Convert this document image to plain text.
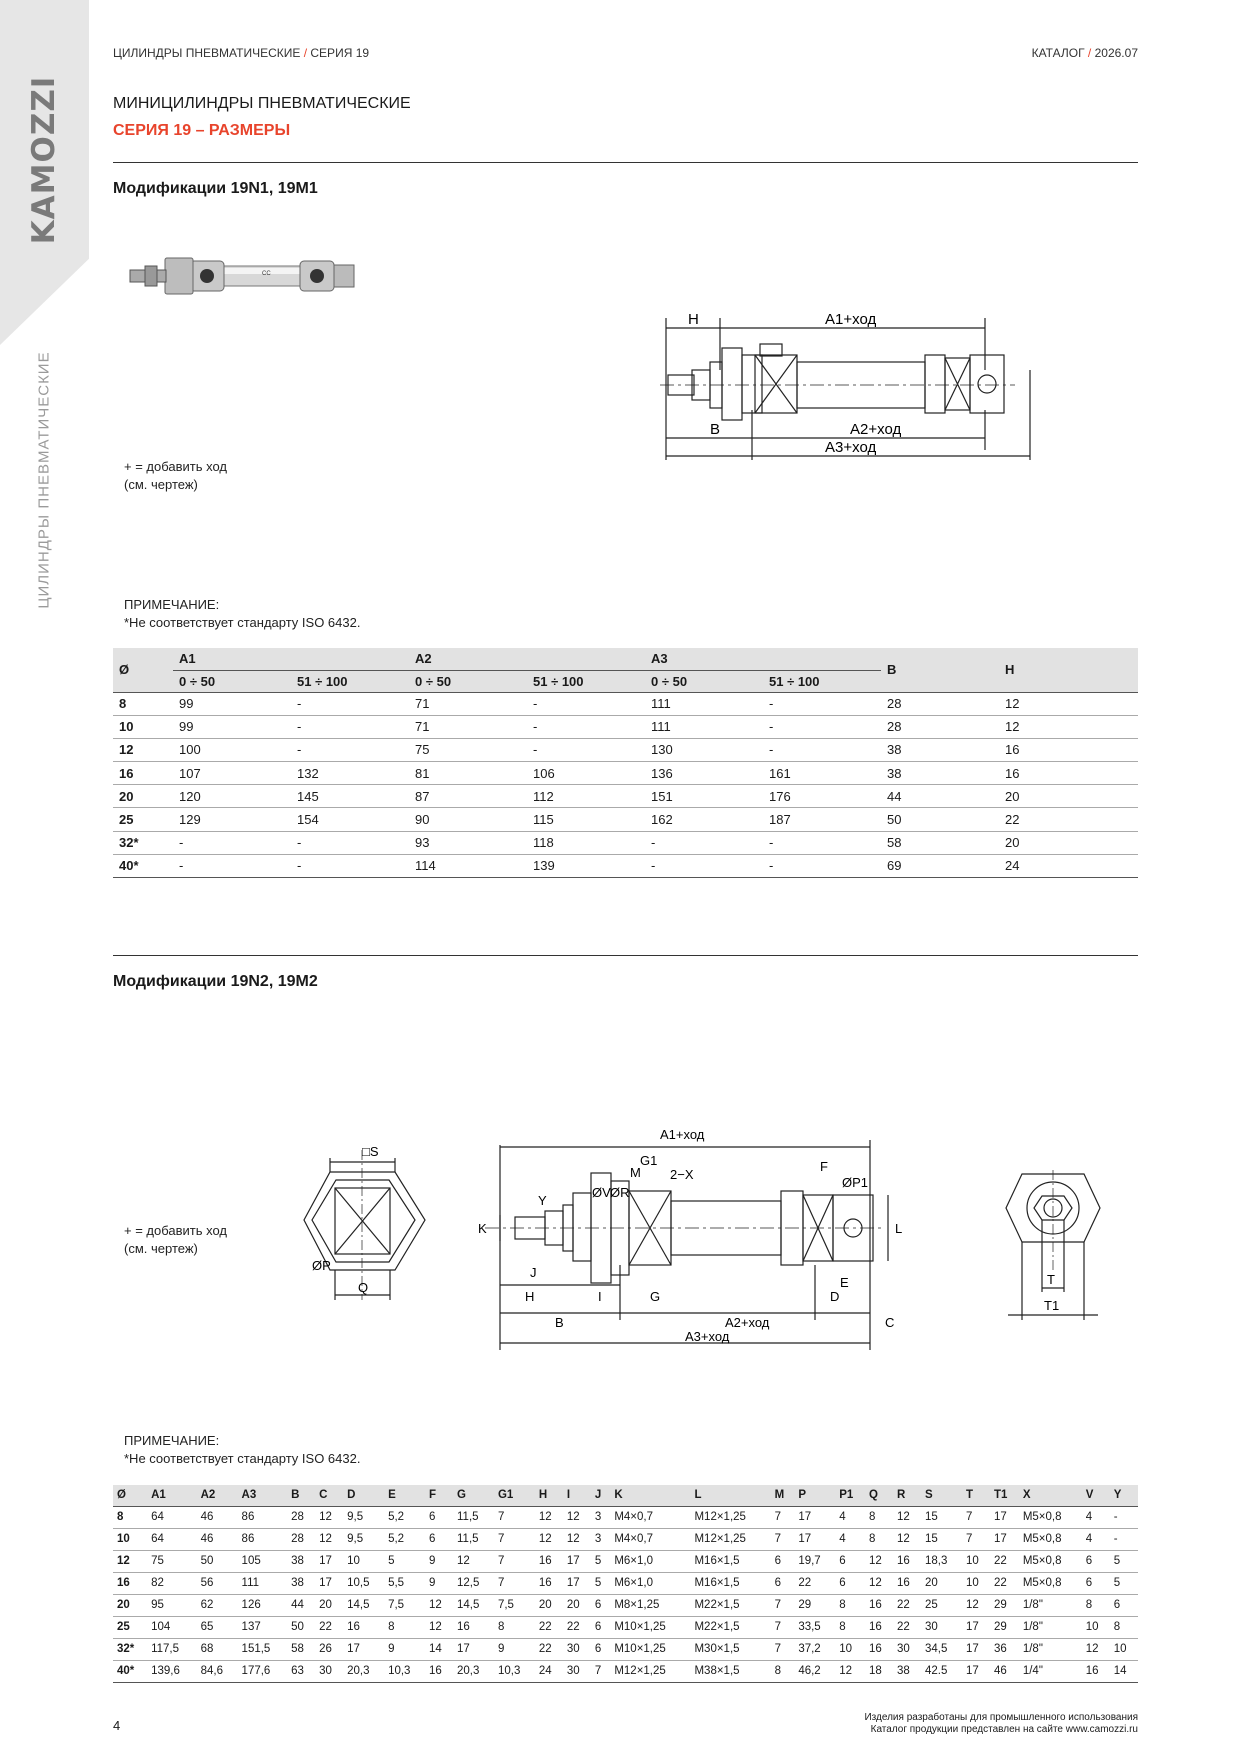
KAMOZZI
ЦИЛИНДРЫ ПНЕВМАТИЧЕСКИЕ
ЦИЛИНДРЫ ПНЕВМАТИЧЕСКИЕ / СЕРИЯ 19	КАТАЛОГ / 2026.07
МИНИЦИЛИНДРЫ ПНЕВМАТИЧЕСКИЕ
СЕРИЯ 19 – РАЗМЕРЫ
Модификации 19N1, 19M1
CC
H	A1+ход
B	A2+ход
A3+ход
+ = добавить ход
(см. чертеж)
ПРИМЕЧАНИЕ:
*Не соответствует стандарту ISO 6432.
Ø	A1		A2		A3		B	H
	0 ÷ 50	51 ÷ 100	0 ÷ 50	51 ÷ 100	0 ÷ 50	51 ÷ 100		
8	99	-	71	-	111	-	28	12
10	99	-	71	-	111	-	28	12
12	100	-	75	-	130	-	38	16
16	107	132	81	106	136	161	38	16
20	120	145	87	112	151	176	44	20
25	129	154	90	115	162	187	50	22
32*	-	-	93	118	-	-	58	20
40*	-	-	114	139	-	-	69	24
Модификации 19N2, 19M2
+ = добавить ход
(см. чертеж)
□S
ØP
Q
A1+ход
G1
M 2−X
F
ØP1
ØV ØR
Y
K
J
H	I	G
E
D
L
B	A2+ход	C
A3+ход
T
T1
ПРИМЕЧАНИЕ:
*Не соответствует стандарту ISO 6432.
Ø	A1	A2	A3	B	C	D	E	F	G	G1	H	I	J	K	L	M	P	P1	Q	R	S	T	T1	X	V	Y
8	64	46	86	28	12	9,5	5,2	6	11,5	7	12	12	3	M4×0,7	M12×1,25	7	17	4	8	12	15	7	17	M5×0,8	4	-
10	64	46	86	28	12	9,5	5,2	6	11,5	7	12	12	3	M4×0,7	M12×1,25	7	17	4	8	12	15	7	17	M5×0,8	4	-
12	75	50	105	38	17	10	5	9	12	7	16	17	5	M6×1,0	M16×1,5	6	19,7	6	12	16	18,3	10	22	M5×0,8	6	5
16	82	56	111	38	17	10,5	5,5	9	12,5	7	16	17	5	M6×1,0	M16×1,5	6	22	6	12	16	20	10	22	M5×0,8	6	5
20	95	62	126	44	20	14,5	7,5	12	14,5	7,5	20	20	6	M8×1,25	M22×1,5	7	29	8	16	22	25	12	29	1/8"	8	6
25	104	65	137	50	22	16	8	12	16	8	22	22	6	M10×1,25	M22×1,5	7	33,5	8	16	22	30	17	29	1/8"	10	8
32*	117,5	68	151,5	58	26	17	9	14	17	9	22	30	6	M10×1,25	M30×1,5	7	37,2	10	16	30	34,5	17	36	1/8"	12	10
40*	139,6	84,6	177,6	63	30	20,3	10,3	16	20,3	10,3	24	30	7	M12×1,25	M38×1,5	8	46,2	12	18	38	42.5	17	46	1/4"	16	14
4
Изделия разработаны для промышленного использования
Каталог продукции представлен на сайте www.camozzi.ru
